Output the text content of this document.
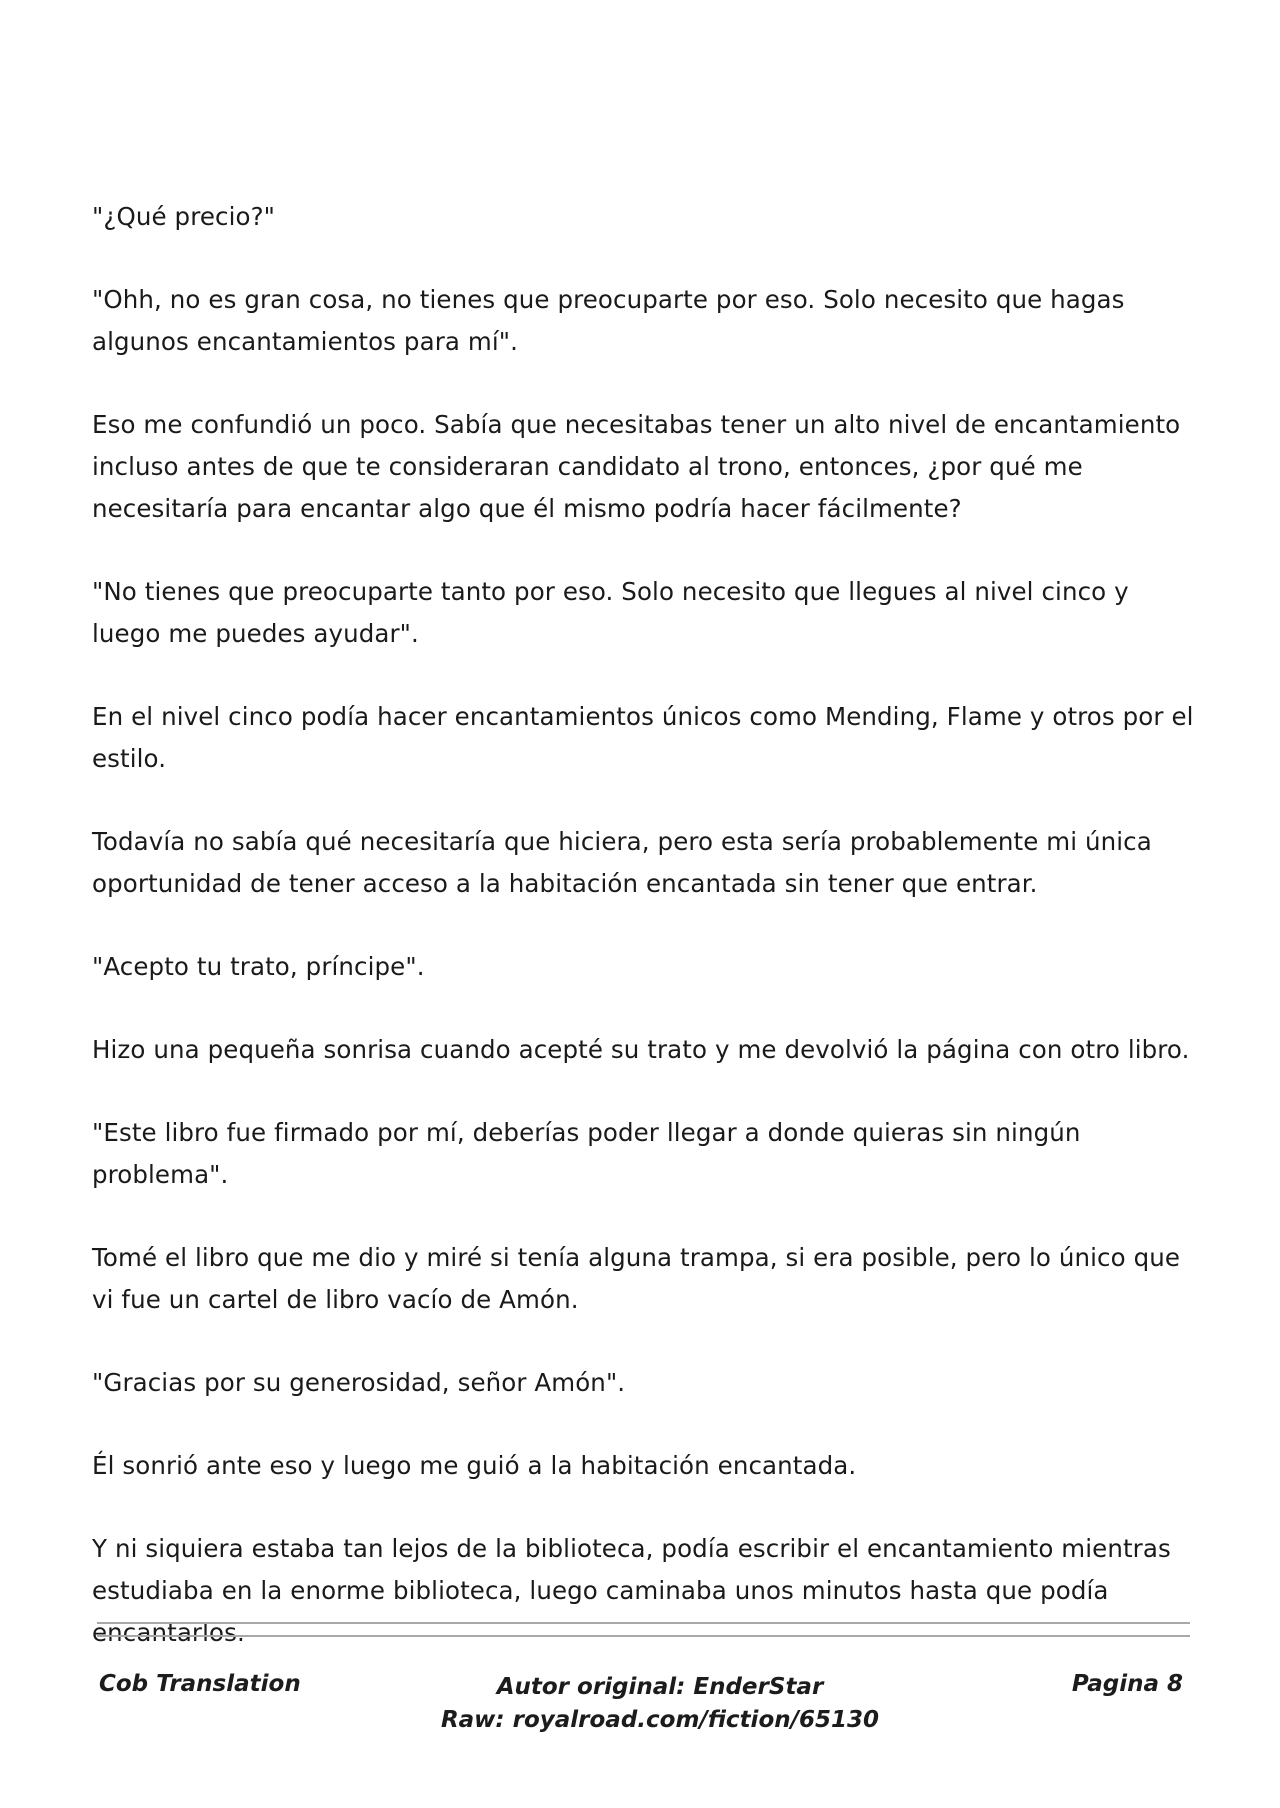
"¿Qué precio?"

"Ohh, no es gran cosa, no tienes que preocuparte por eso. Solo necesito que hagas algunos encantamientos para mí".

Eso me confundió un poco. Sabía que necesitabas tener un alto nivel de encantamiento incluso antes de que te consideraran candidato al trono, entonces, ¿por qué me necesitaría para encantar algo que él mismo podría hacer fácilmente?

"No tienes que preocuparte tanto por eso. Solo necesito que llegues al nivel cinco y luego me puedes ayudar".

En el nivel cinco podía hacer encantamientos únicos como Mending, Flame y otros por el estilo.

Todavía no sabía qué necesitaría que hiciera, pero esta sería probablemente mi única oportunidad de tener acceso a la habitación encantada sin tener que entrar.

"Acepto tu trato, príncipe".

Hizo una pequeña sonrisa cuando acepté su trato y me devolvió la página con otro libro.

"Este libro fue firmado por mí, deberías poder llegar a donde quieras sin ningún problema".

Tomé el libro que me dio y miré si tenía alguna trampa, si era posible, pero lo único que vi fue un cartel de libro vacío de Amón.

"Gracias por su generosidad, señor Amón".

Él sonrió ante eso y luego me guió a la habitación encantada.

Y ni siquiera estaba tan lejos de la biblioteca, podía escribir el encantamiento mientras estudiaba en la enorme biblioteca, luego caminaba unos minutos hasta que podía encantarlos.

Cob Translation	Autor original: EnderStar
Raw: royalroad.com/fiction/65130
Pagina 8
